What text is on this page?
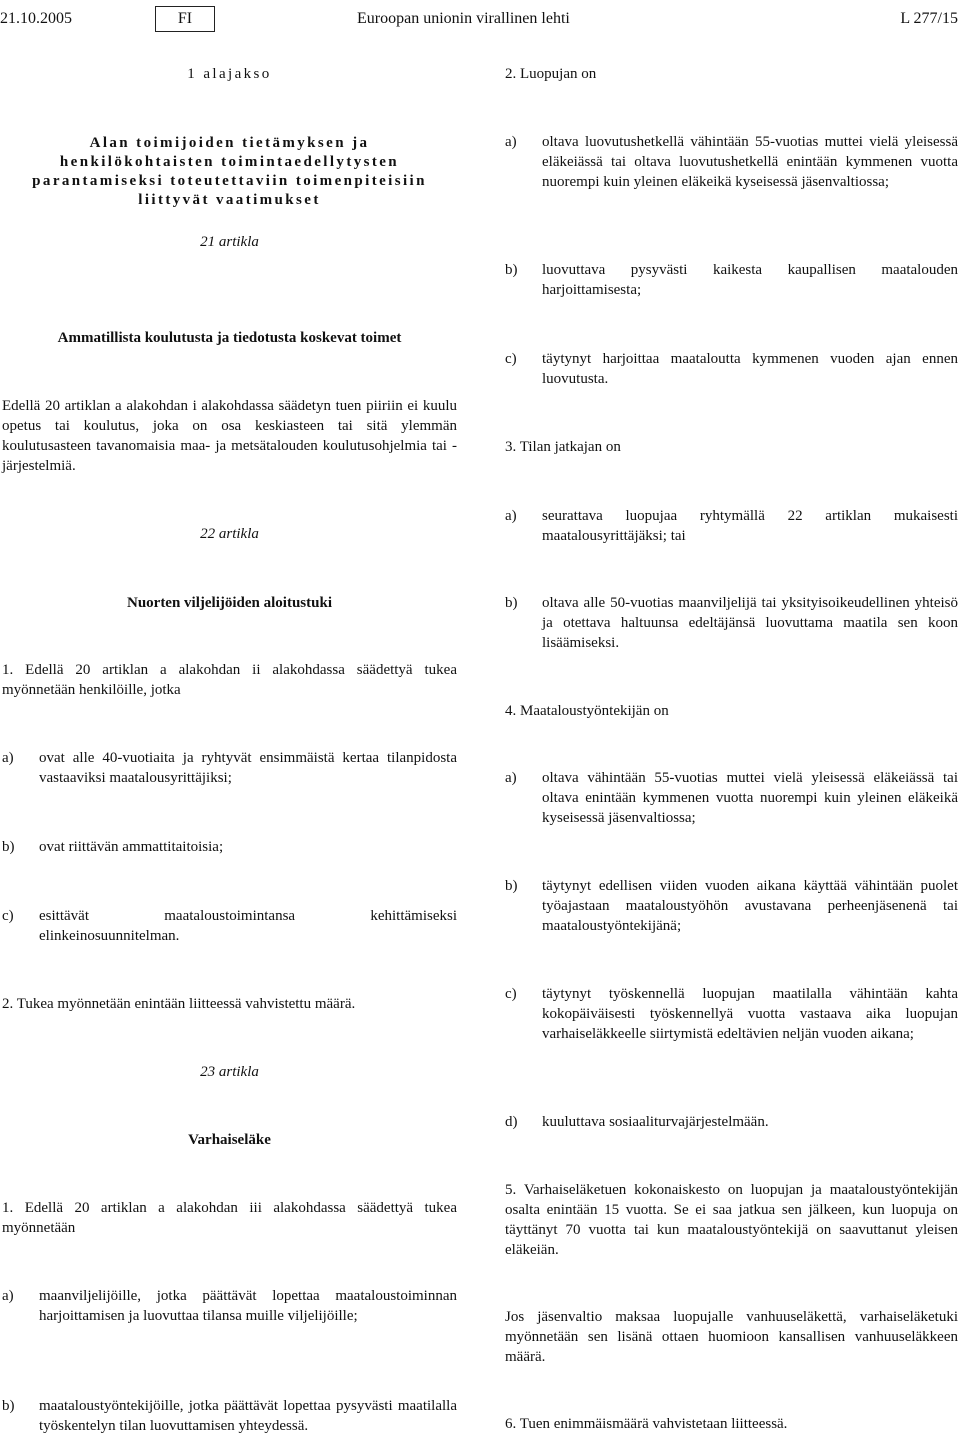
21.10.2005	FI	Euroopan unionin virallinen lehti	L 277/15
1 alajakso
Alan toimijoiden tietämyksen ja
henkilökohtaisten toimintaedellytysten
parantamiseksi toteutettaviin toimenpiteisiin
liittyvät vaatimukset
21 artikla
Ammatillista koulutusta ja tiedotusta koskevat toimet
Edellä 20 artiklan a alakohdan i alakohdassa säädetyn tuen piiriin ei kuulu opetus tai koulutus, joka on osa keskiasteen tai sitä ylemmän koulutusasteen tavanomaisia maa- ja metsätalouden koulutusohjelmia tai -järjestelmiä.
22 artikla
Nuorten viljelijöiden aloitustuki
1. Edellä 20 artiklan a alakohdan ii alakohdassa säädettyä tukea myönnetään henkilöille, jotka
a) ovat alle 40-vuotiaita ja ryhtyvät ensimmäistä kertaa tilanpidosta vastaaviksi maatalousyrittäjiksi;
b) ovat riittävän ammattitaitoisia;
c) esittävät maataloustoimintansa kehittämiseksi elinkeinosuunnitelman.
2. Tukea myönnetään enintään liitteessä vahvistettu määrä.
23 artikla
Varhaiseläke
1. Edellä 20 artiklan a alakohdan iii alakohdassa säädettyä tukea myönnetään
a) maanviljelijöille, jotka päättävät lopettaa maataloustoiminnan harjoittamisen ja luovuttaa tilansa muille viljelijöille;
b) maataloustyöntekijöille, jotka päättävät lopettaa pysyvästi maatilalla työskentelyn tilan luovuttamisen yhteydessä.
2. Luopujan on
a) oltava luovutushetkellä vähintään 55-vuotias muttei vielä yleisessä eläkeiässä tai oltava luovutushetkellä enintään kymmenen vuotta nuorempi kuin yleinen eläkeikä kyseisessä jäsenvaltiossa;
b) luovuttava pysyvästi kaikesta kaupallisen maatalouden harjoittamisesta;
c) täytynyt harjoittaa maataloutta kymmenen vuoden ajan ennen luovutusta.
3. Tilan jatkajan on
a) seurattava luopujaa ryhtymällä 22 artiklan mukaisesti maatalousyrittäjäksi; tai
b) oltava alle 50-vuotias maanviljelijä tai yksityisoikeudellinen yhteisö ja otettava haltuunsa edeltäjänsä luovuttama maatila sen koon lisäämiseksi.
4. Maataloustyöntekijän on
a) oltava vähintään 55-vuotias muttei vielä yleisessä eläkeiässä tai oltava enintään kymmenen vuotta nuorempi kuin yleinen eläkeikä kyseisessä jäsenvaltiossa;
b) täytynyt edellisen viiden vuoden aikana käyttää vähintään puolet työajastaan maataloustyöhön avustavana perheenjäsenenä tai maataloustyöntekijänä;
c) täytynyt työskennellä luopujan maatilalla vähintään kahta kokopäiväisesti työskennellyä vuotta vastaava aika luopujan varhaiseläkkeelle siirtymistä edeltävien neljän vuoden aikana;
d) kuuluttava sosiaaliturvajärjestelmään.
5. Varhaiseläketuen kokonaiskesto on luopujan ja maataloustyöntekijän osalta enintään 15 vuotta. Se ei saa jatkua sen jälkeen, kun luopuja on täyttänyt 70 vuotta tai kun maataloustyöntekijä on saavuttanut yleisen eläkeiän.
Jos jäsenvaltio maksaa luopujalle vanhuuseläkettä, varhaiseläketuki myönnetään sen lisänä ottaen huomioon kansallisen vanhuuseläkkeen määrä.
6. Tuen enimmäismäärä vahvistetaan liitteessä.
